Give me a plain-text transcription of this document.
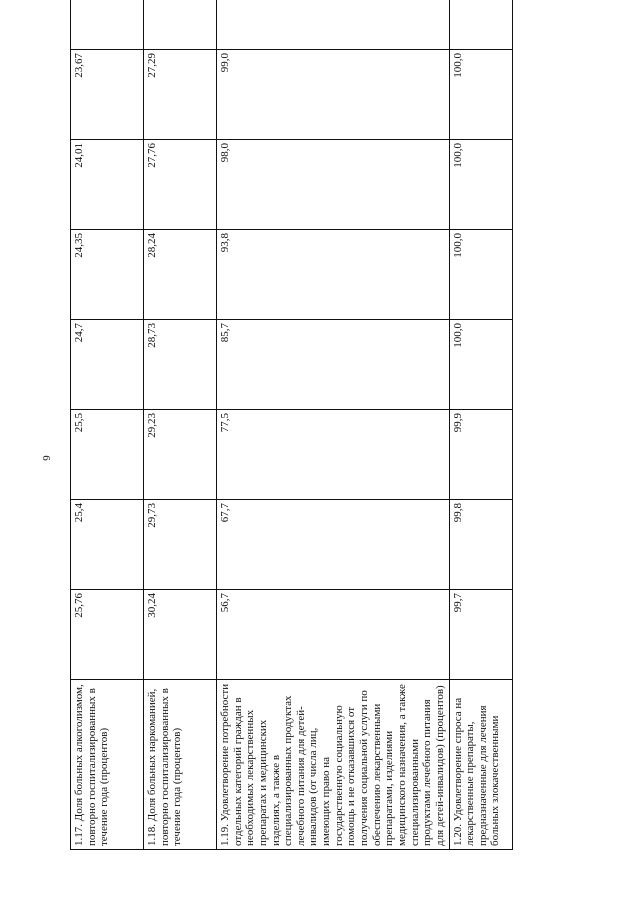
6
1.17. Доля больных алкоголизмом, повторно госпитализированных в течение года (процентов)	25,76	25,4	25,5	24,7	24,35	24,01	23,67	
1.18. Доля больных наркоманией, повторно госпитализированных в течение года (процентов)	30,24	29,73	29,23	28,73	28,24	27,76	27,29	
1.19. Удовлетворение потребности отдельных категорий граждан в необходимых лекарственных препаратах и медицинских изделиях, а также в специализированных продуктах лечебного питания для детей-инвалидов (от числа лиц, имеющих право на государственную социальную помощь и не отказавшихся от получения социальной услуги по обеспечению лекарственными препаратами, изделиями медицинского назначения, а также специализированными продуктами лечебного питания для детей-инвалидов) (процентов)	56,7	67,7	77,5	85,7	93,8	98,0	99,0	
1.20. Удовлетворение спроса на лекарственные препараты, предназначенные для лечения больных злокачественными	99,7	99,8	99,9	100,0	100,0	100,0	100,0	
